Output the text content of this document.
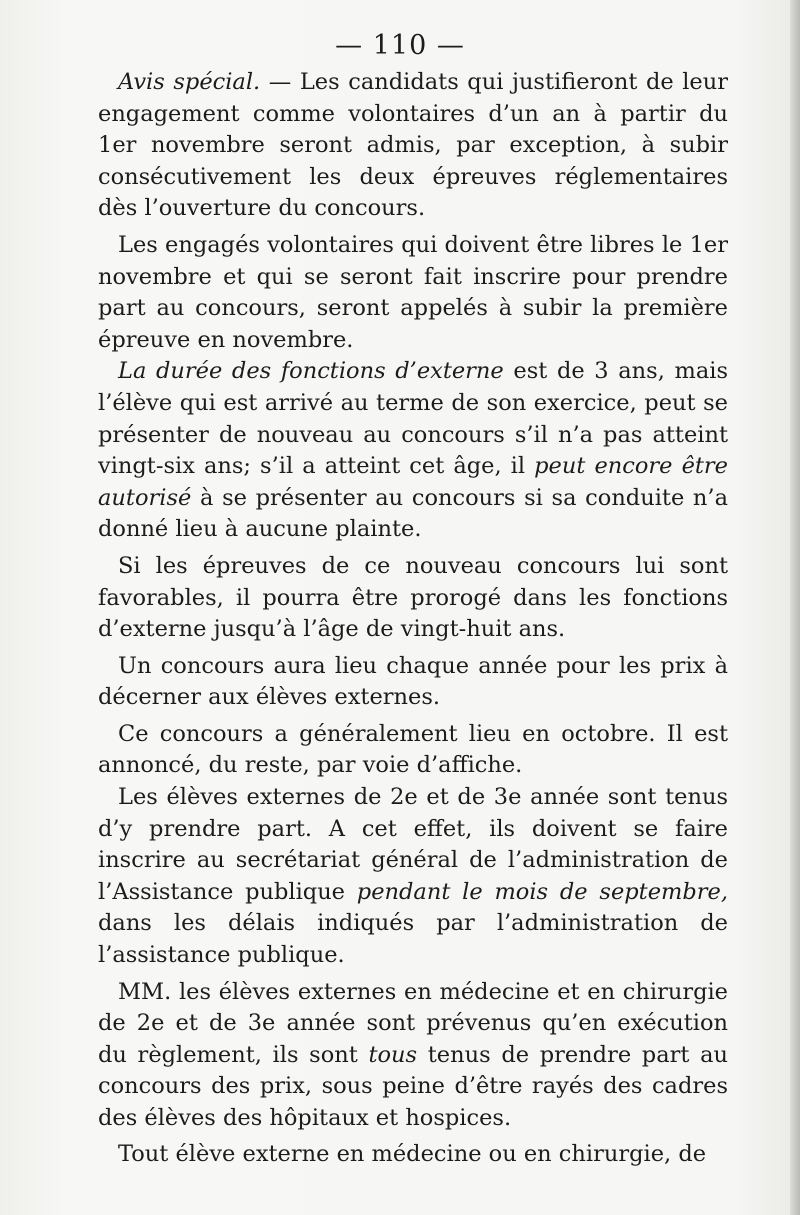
— 110 —

Avis spécial. — Les candidats qui justifieront de leur engagement comme volontaires d’un an à partir du 1er novembre seront admis, par exception, à subir consécutivement les deux épreuves réglementaires dès l’ouverture du concours.

Les engagés volontaires qui doivent être libres le 1er novembre et qui se seront fait inscrire pour prendre part au concours, seront appelés à subir la première épreuve en novembre.

La durée des fonctions d’externe est de 3 ans, mais l’élève qui est arrivé au terme de son exercice, peut se présenter de nouveau au concours s’il n’a pas atteint vingt-six ans; s’il a atteint cet âge, il peut encore être autorisé à se présenter au concours si sa conduite n’a donné lieu à aucune plainte.

Si les épreuves de ce nouveau concours lui sont favorables, il pourra être prorogé dans les fonctions d’externe jusqu’à l’âge de vingt-huit ans.

Un concours aura lieu chaque année pour les prix à décerner aux élèves externes.

Ce concours a généralement lieu en octobre. Il est annoncé, du reste, par voie d’affiche.

Les élèves externes de 2e et de 3e année sont tenus d’y prendre part. A cet effet, ils doivent se faire inscrire au secrétariat général de l’administration de l’Assistance publique pendant le mois de septembre, dans les délais indiqués par l’administration de l’assistance publique.

MM. les élèves externes en médecine et en chirurgie de 2e et de 3e année sont prévenus qu’en exécution du règlement, ils sont tous tenus de prendre part au concours des prix, sous peine d’être rayés des cadres des élèves des hôpitaux et hospices.

Tout élève externe en médecine ou en chirurgie, de
